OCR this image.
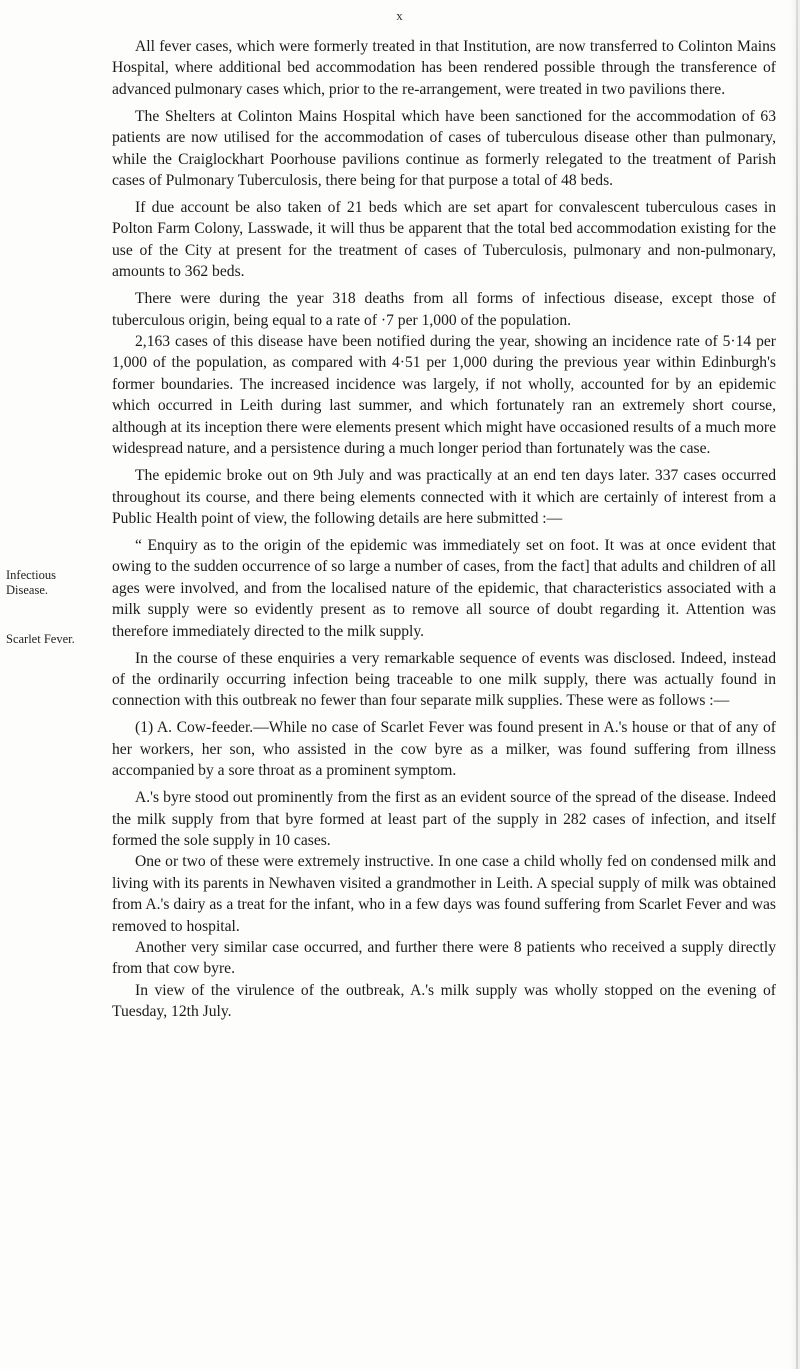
x
Infectious Disease.
Scarlet Fever.

All fever cases, which were formerly treated in that Institution, are now transferred to Colinton Mains Hospital, where additional bed accommodation has been rendered possible through the transference of advanced pulmonary cases which, prior to the re-arrangement, were treated in two pavilions there.

The Shelters at Colinton Mains Hospital which have been sanctioned for the accommodation of 63 patients are now utilised for the accommodation of cases of tuberculous disease other than pulmonary, while the Craiglockhart Poorhouse pavilions continue as formerly relegated to the treatment of Parish cases of Pulmonary Tuberculosis, there being for that purpose a total of 48 beds.

If due account be also taken of 21 beds which are set apart for convalescent tuberculous cases in Polton Farm Colony, Lasswade, it will thus be apparent that the total bed accommodation existing for the use of the City at present for the treatment of cases of Tuberculosis, pulmonary and non-pulmonary, amounts to 362 beds.

There were during the year 318 deaths from all forms of infectious disease, except those of tuberculous origin, being equal to a rate of ·7 per 1,000 of the population.

2,163 cases of this disease have been notified during the year, showing an incidence rate of 5·14 per 1,000 of the population, as compared with 4·51 per 1,000 during the previous year within Edinburgh's former boundaries. The increased incidence was largely, if not wholly, accounted for by an epidemic which occurred in Leith during last summer, and which fortunately ran an extremely short course, although at its inception there were elements present which might have occasioned results of a much more widespread nature, and a persistence during a much longer period than fortunately was the case.

The epidemic broke out on 9th July and was practically at an end ten days later. 337 cases occurred throughout its course, and there being elements connected with it which are certainly of interest from a Public Health point of view, the following details are here submitted :—

“ Enquiry as to the origin of the epidemic was immediately set on foot. It was at once evident that owing to the sudden occurrence of so large a number of cases, from the fact] that adults and children of all ages were involved, and from the localised nature of the epidemic, that characteristics associated with a milk supply were so evidently present as to remove all source of doubt regarding it. Attention was therefore immediately directed to the milk supply.

In the course of these enquiries a very remarkable sequence of events was disclosed. Indeed, instead of the ordinarily occurring infection being traceable to one milk supply, there was actually found in connection with this outbreak no fewer than four separate milk supplies. These were as follows :—

(1) A. Cow-feeder.—While no case of Scarlet Fever was found present in A.'s house or that of any of her workers, her son, who assisted in the cow byre as a milker, was found suffering from illness accompanied by a sore throat as a prominent symptom.

A.'s byre stood out prominently from the first as an evident source of the spread of the disease. Indeed the milk supply from that byre formed at least part of the supply in 282 cases of infection, and itself formed the sole supply in 10 cases.

One or two of these were extremely instructive. In one case a child wholly fed on condensed milk and living with its parents in Newhaven visited a grandmother in Leith. A special supply of milk was obtained from A.'s dairy as a treat for the infant, who in a few days was found suffering from Scarlet Fever and was removed to hospital.

Another very similar case occurred, and further there were 8 patients who received a supply directly from that cow byre.

In view of the virulence of the outbreak, A.'s milk supply was wholly stopped on the evening of Tuesday, 12th July.
